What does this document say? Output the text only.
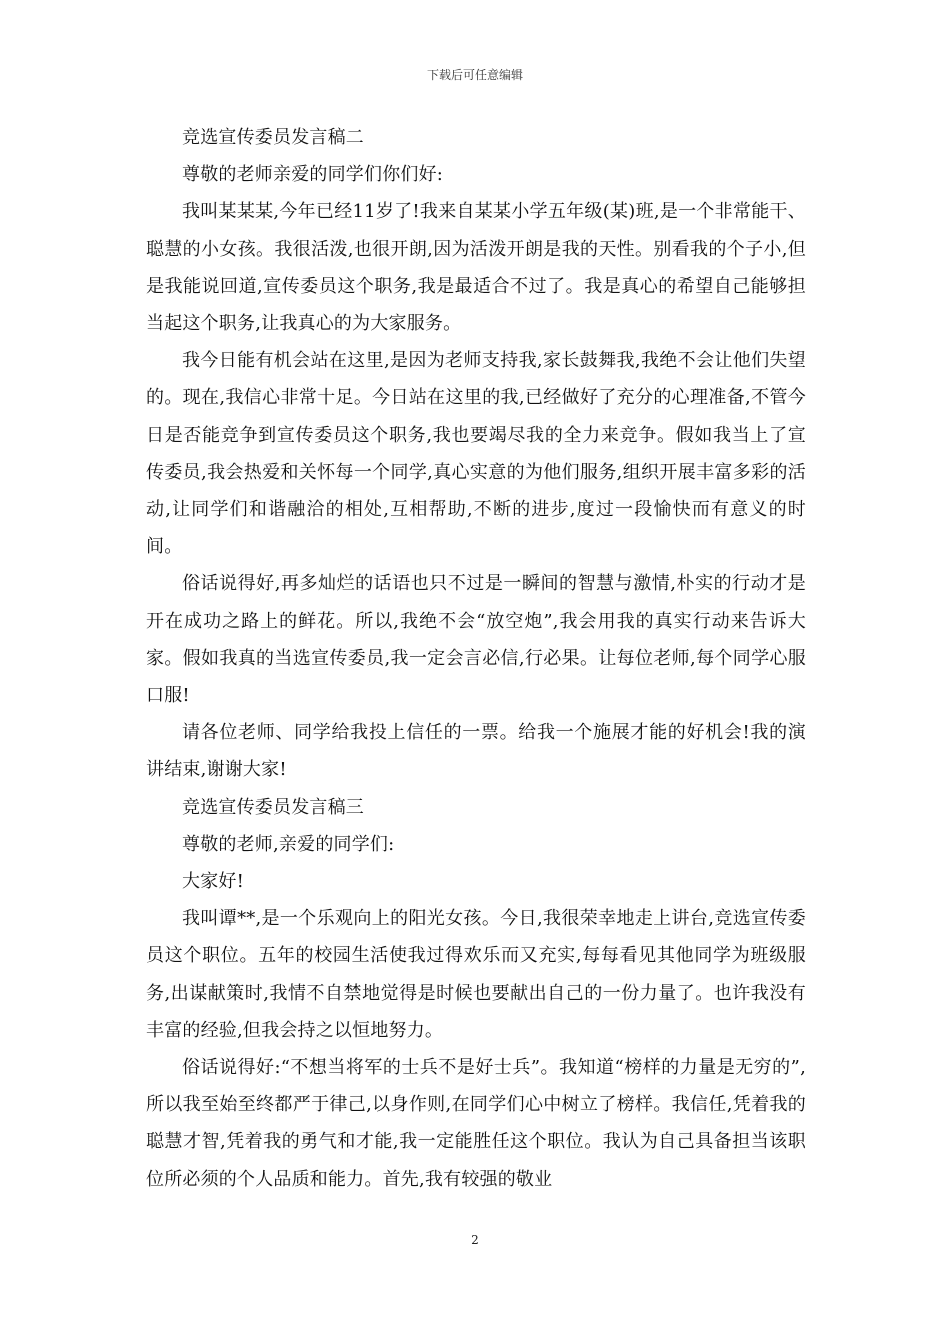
下载后可任意编辑

竞选宣传委员发言稿二

尊敬的老师亲爱的同学们你们好:

我叫某某某,今年已经11岁了!我来自某某小学五年级(某)班,是一个非常能干、聪慧的小女孩。我很活泼,也很开朗,因为活泼开朗是我的天性。别看我的个子小,但是我能说回道,宣传委员这个职务,我是最适合不过了。我是真心的希望自己能够担当起这个职务,让我真心的为大家服务。

我今日能有机会站在这里,是因为老师支持我,家长鼓舞我,我绝不会让他们失望的。现在,我信心非常十足。今日站在这里的我,已经做好了充分的心理准备,不管今日是否能竞争到宣传委员这个职务,我也要竭尽我的全力来竞争。假如我当上了宣传委员,我会热爱和关怀每一个同学,真心实意的为他们服务,组织开展丰富多彩的活动,让同学们和谐融洽的相处,互相帮助,不断的进步,度过一段愉快而有意义的时间。

俗话说得好,再多灿烂的话语也只不过是一瞬间的智慧与激情,朴实的行动才是开在成功之路上的鲜花。所以,我绝不会“放空炮”,我会用我的真实行动来告诉大家。假如我真的当选宣传委员,我一定会言必信,行必果。让每位老师,每个同学心服口服!

请各位老师、同学给我投上信任的一票。给我一个施展才能的好机会!我的演讲结束,谢谢大家!

竞选宣传委员发言稿三

尊敬的老师,亲爱的同学们:

大家好!

我叫谭**,是一个乐观向上的阳光女孩。今日,我很荣幸地走上讲台,竞选宣传委员这个职位。五年的校园生活使我过得欢乐而又充实,每每看见其他同学为班级服务,出谋献策时,我情不自禁地觉得是时候也要献出自己的一份力量了。也许我没有丰富的经验,但我会持之以恒地努力。

俗话说得好:“不想当将军的士兵不是好士兵”。我知道“榜样的力量是无穷的”,所以我至始至终都严于律己,以身作则,在同学们心中树立了榜样。我信任,凭着我的聪慧才智,凭着我的勇气和才能,我一定能胜任这个职位。我认为自己具备担当该职位所必须的个人品质和能力。首先,我有较强的敬业

2
